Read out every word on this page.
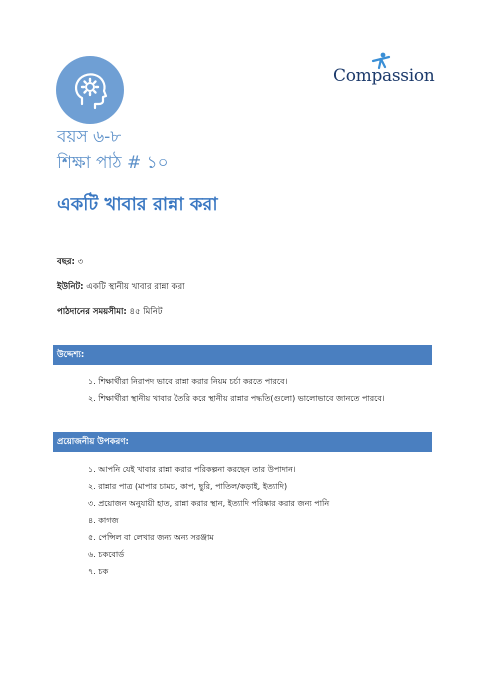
Compassion
বয়স ৬-৮
শিক্ষা পাঠ # ১০
একটি খাবার রান্না করা
বছর: ৩
ইউনিট: একটি স্থানীয় খাবার রান্না করা
পাঠদানের সময়সীমা: ৪৫ মিনিট
উদ্দেশ্য:
১. শিক্ষার্থীরা নিরাপদ ভাবে রান্না করার নিয়ম চর্চা করতে পারবে।
২. শিক্ষার্থীরা স্থানীয় খাবার তৈরি করে স্থানীয় রান্নার পদ্ধতি(গুলো) ভালোভাবে জানতে পারবে।
প্রয়োজনীয় উপকরণ:
১. আপনি যেই খাবার রান্না করার পরিকল্পনা করছেন তার উপাদান।
২. রান্নার পাত্র (মাপার চামচ, কাপ, ছুরি, পাতিল/কড়াই, ইত্যাদি)
৩. প্রয়োজন অনুযায়ী হাত, রান্না করার স্থান, ইত্যাদি পরিষ্কার করার জন্য পানি
৪. কাগজ
৫. পেন্সিল বা লেখার জন্য অন্য সরঞ্জাম
৬. চকবোর্ড
৭. চক
